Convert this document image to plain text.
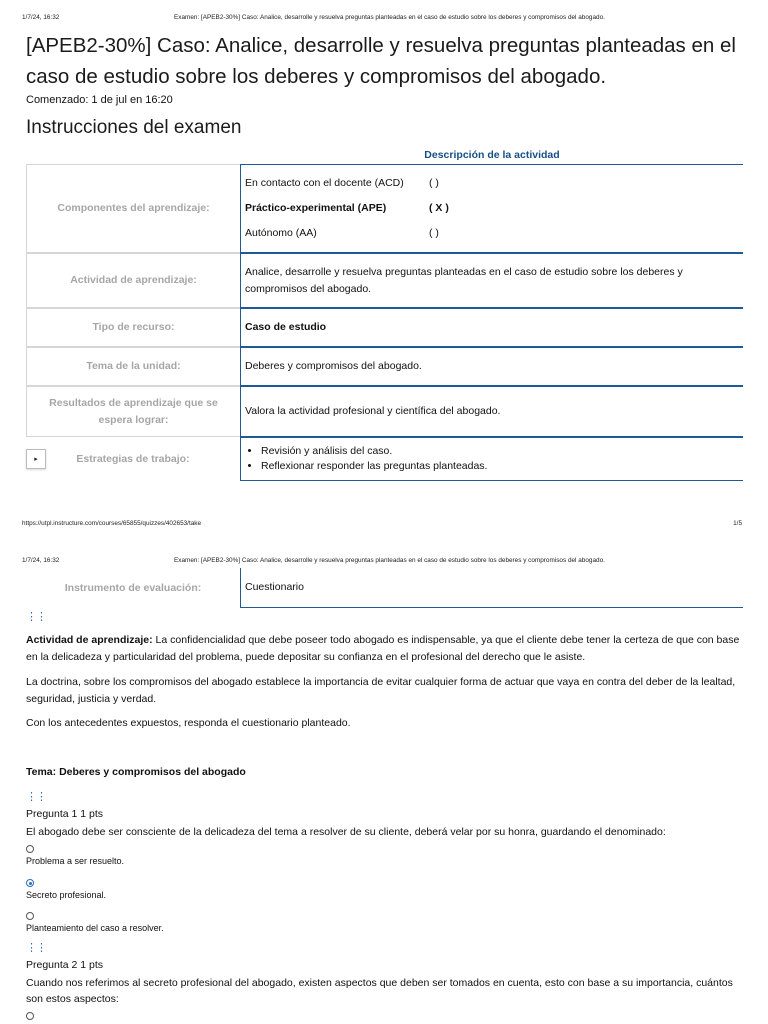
1/7/24, 16:32	Examen: [APEB2-30%] Caso: Analice, desarrolle y resuelva preguntas planteadas en el caso de estudio sobre los deberes y compromisos del abogado.
[APEB2-30%] Caso: Analice, desarrolle y resuelva preguntas planteadas en el caso de estudio sobre los deberes y compromisos del abogado.
Comenzado: 1 de jul en 16:20
Instrucciones del examen
Descripción de la actividad
Componentes del aprendizaje:
En contacto con el docente (ACD) ( )
Práctico-experimental (APE)	( X )
Autónomo (AA)	( )
Actividad de aprendizaje:
Analice, desarrolle y resuelva preguntas planteadas en el caso de estudio sobre los deberes y compromisos del abogado.
Tipo de recurso:	Caso de estudio
Tema de la unidad:	Deberes y compromisos del abogado.
Resultados de aprendizaje que se espera lograr:
Valora la actividad profesional y científica del abogado.
Estrategias de trabajo:
• Revisión y análisis del caso.
• Reflexionar responder las preguntas planteadas.
▸
https://utpl.instructure.com/courses/65855/quizzes/402653/take	1/5
1/7/24, 16:32	Examen: [APEB2-30%] Caso: Analice, desarrolle y resuelva preguntas planteadas en el caso de estudio sobre los deberes y compromisos del abogado.
Instrumento de evaluación:	Cuestionario
⋮⋮
Actividad de aprendizaje: La confidencialidad que debe poseer todo abogado es indispensable, ya que el cliente debe tener la certeza de que con base en la delicadeza y particularidad del problema, puede depositar su confianza en el profesional del derecho que le asiste.
La doctrina, sobre los compromisos del abogado establece la importancia de evitar cualquier forma de actuar que vaya en contra del deber de la lealtad, seguridad, justicia y verdad.
Con los antecedentes expuestos, responda el cuestionario planteado.
Tema: Deberes y compromisos del abogado
⋮⋮
Pregunta 1 1 pts
El abogado debe ser consciente de la delicadeza del tema a resolver de su cliente, deberá velar por su honra, guardando el denominado:
Problema a ser resuelto.
Secreto profesional.
Planteamiento del caso a resolver.
⋮⋮
Pregunta 2 1 pts
Cuando nos referimos al secreto profesional del abogado, existen aspectos que deben ser tomados en cuenta, esto con base a su importancia, cuántos son estos aspectos:
